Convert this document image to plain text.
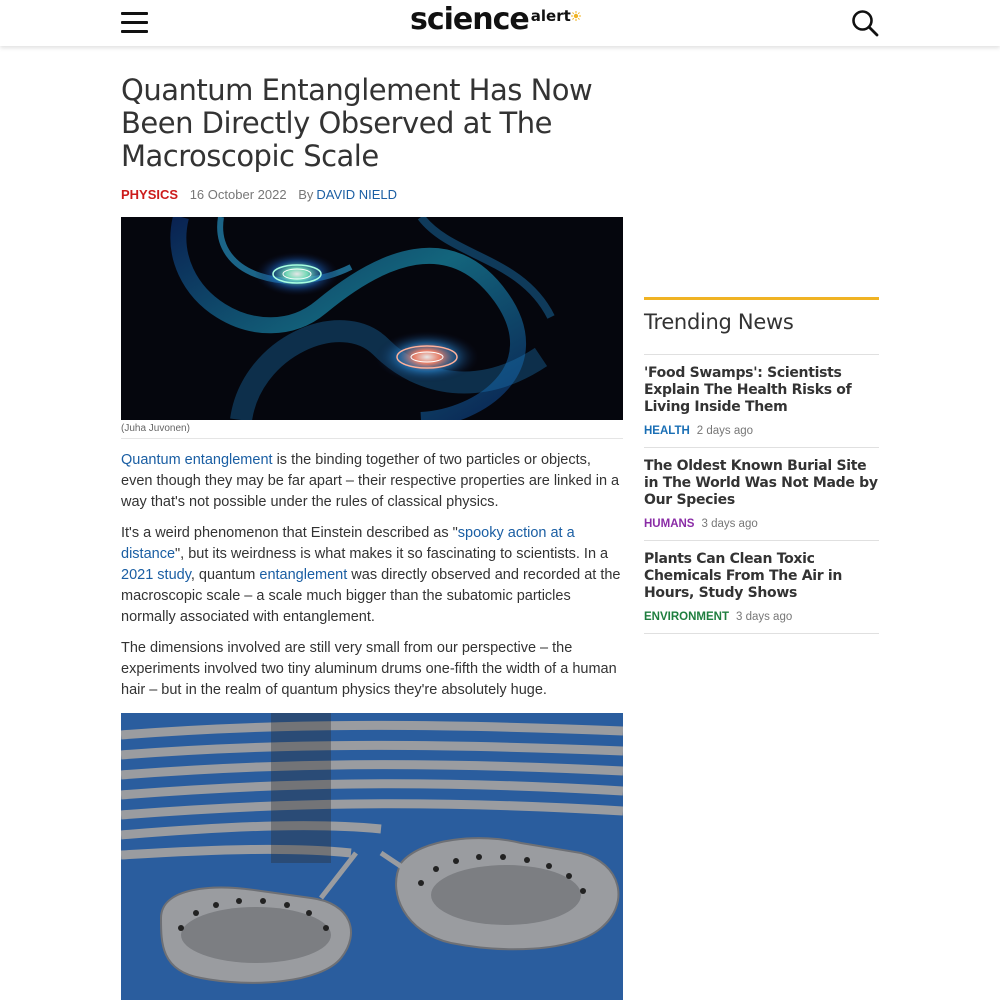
science alert
Quantum Entanglement Has Now Been Directly Observed at The Macroscopic Scale
PHYSICS 16 October 2022 By DAVID NIELD
(Juha Juvonen)

Quantum entanglement is the binding together of two particles or objects, even though they may be far apart – their respective properties are linked in a way that's not possible under the rules of classical physics.

It's a weird phenomenon that Einstein described as "spooky action at a distance", but its weirdness is what makes it so fascinating to scientists. In a 2021 study, quantum entanglement was directly observed and recorded at the macroscopic scale – a scale much bigger than the subatomic particles normally associated with entanglement.

The dimensions involved are still very small from our perspective – the experiments involved two tiny aluminum drums one-fifth the width of a human hair – but in the realm of quantum physics they're absolutely huge.

Trending News
'Food Swamps': Scientists Explain The Health Risks of Living Inside Them
HEALTH 2 days ago
The Oldest Known Burial Site in The World Was Not Made by Our Species
HUMANS 3 days ago
Plants Can Clean Toxic Chemicals From The Air in Hours, Study Shows
ENVIRONMENT 3 days ago
